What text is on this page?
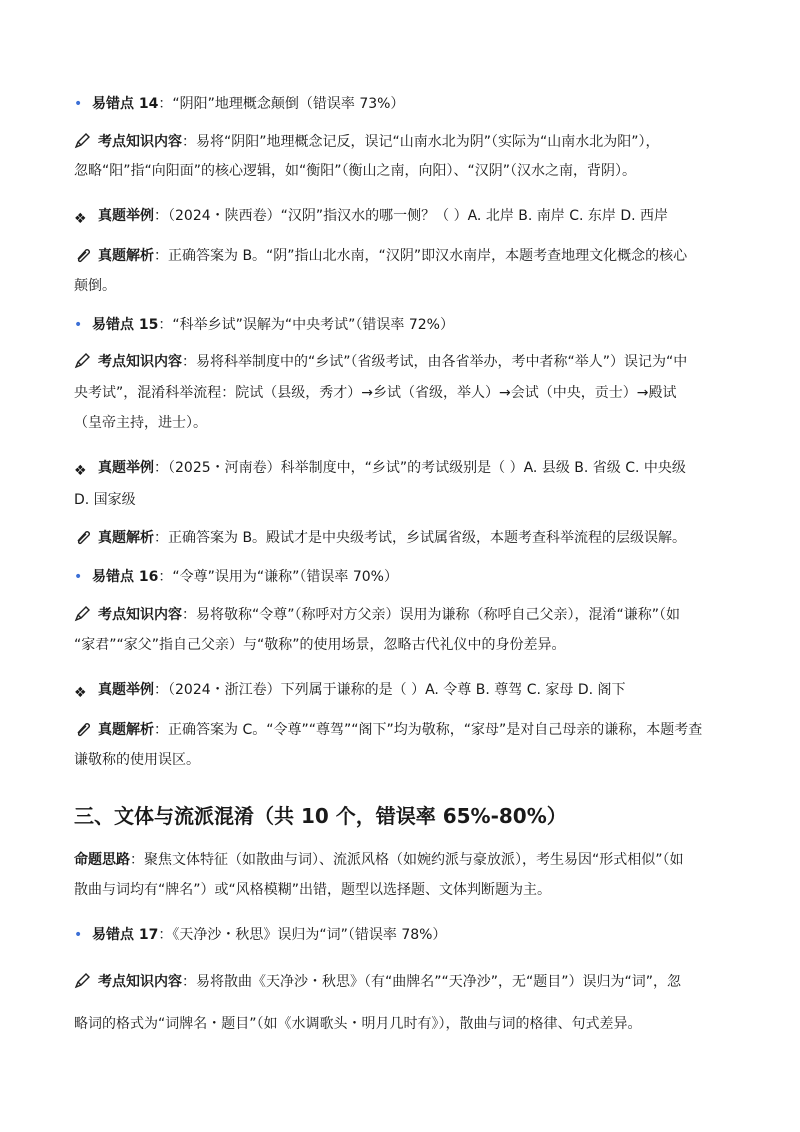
• 易错点 14：“阴阳”地理概念颠倒（错误率 73%）
考点知识内容：易将“阴阳”地理概念记反，误记“山南水北为阴”（实际为“山南水北为阳”），
忽略“阳”指“向阳面”的核心逻辑，如“衡阳”（衡山之南，向阳）、“汉阴”（汉水之南，背阴）。
❖ 真题举例：（2024・陕西卷）“汉阴”指汉水的哪一侧？（ ）A. 北岸 B. 南岸 C. 东岸 D. 西岸
真题解析：正确答案为 B。“阴”指山北水南，“汉阴”即汉水南岸，本题考查地理文化概念的核心
颠倒。
• 易错点 15：“科举乡试”误解为“中央考试”（错误率 72%）
考点知识内容：易将科举制度中的“乡试”（省级考试，由各省举办，考中者称“举人”）误记为“中
央考试”，混淆科举流程：院试（县级，秀才）→乡试（省级，举人）→会试（中央，贡士）→殿试
（皇帝主持，进士）。
❖ 真题举例：（2025・河南卷）科举制度中，“乡试”的考试级别是（ ）A. 县级 B. 省级 C. 中央级
D. 国家级
真题解析：正确答案为 B。殿试才是中央级考试，乡试属省级，本题考查科举流程的层级误解。
• 易错点 16：“令尊”误用为“谦称”（错误率 70%）
考点知识内容：易将敬称“令尊”（称呼对方父亲）误用为谦称（称呼自己父亲），混淆“谦称”（如
“家君”“家父”指自己父亲）与“敬称”的使用场景，忽略古代礼仪中的身份差异。
❖ 真题举例：（2024・浙江卷）下列属于谦称的是（ ）A. 令尊 B. 尊驾 C. 家母 D. 阁下
真题解析：正确答案为 C。“令尊”“尊驾”“阁下”均为敬称，“家母”是对自己母亲的谦称，本题考查
谦敬称的使用误区。
三、文体与流派混淆（共 10 个，错误率 65%-80%）
命题思路：聚焦文体特征（如散曲与词）、流派风格（如婉约派与豪放派），考生易因“形式相似”（如
散曲与词均有“牌名”）或“风格模糊”出错，题型以选择题、文体判断题为主。
• 易错点 17：《天净沙・秋思》误归为“词”（错误率 78%）
考点知识内容：易将散曲《天净沙・秋思》（有“曲牌名”“天净沙”，无“题目”）误归为“词”，忽
略词的格式为“词牌名・题目”（如《水调歌头・明月几时有》），散曲与词的格律、句式差异。
